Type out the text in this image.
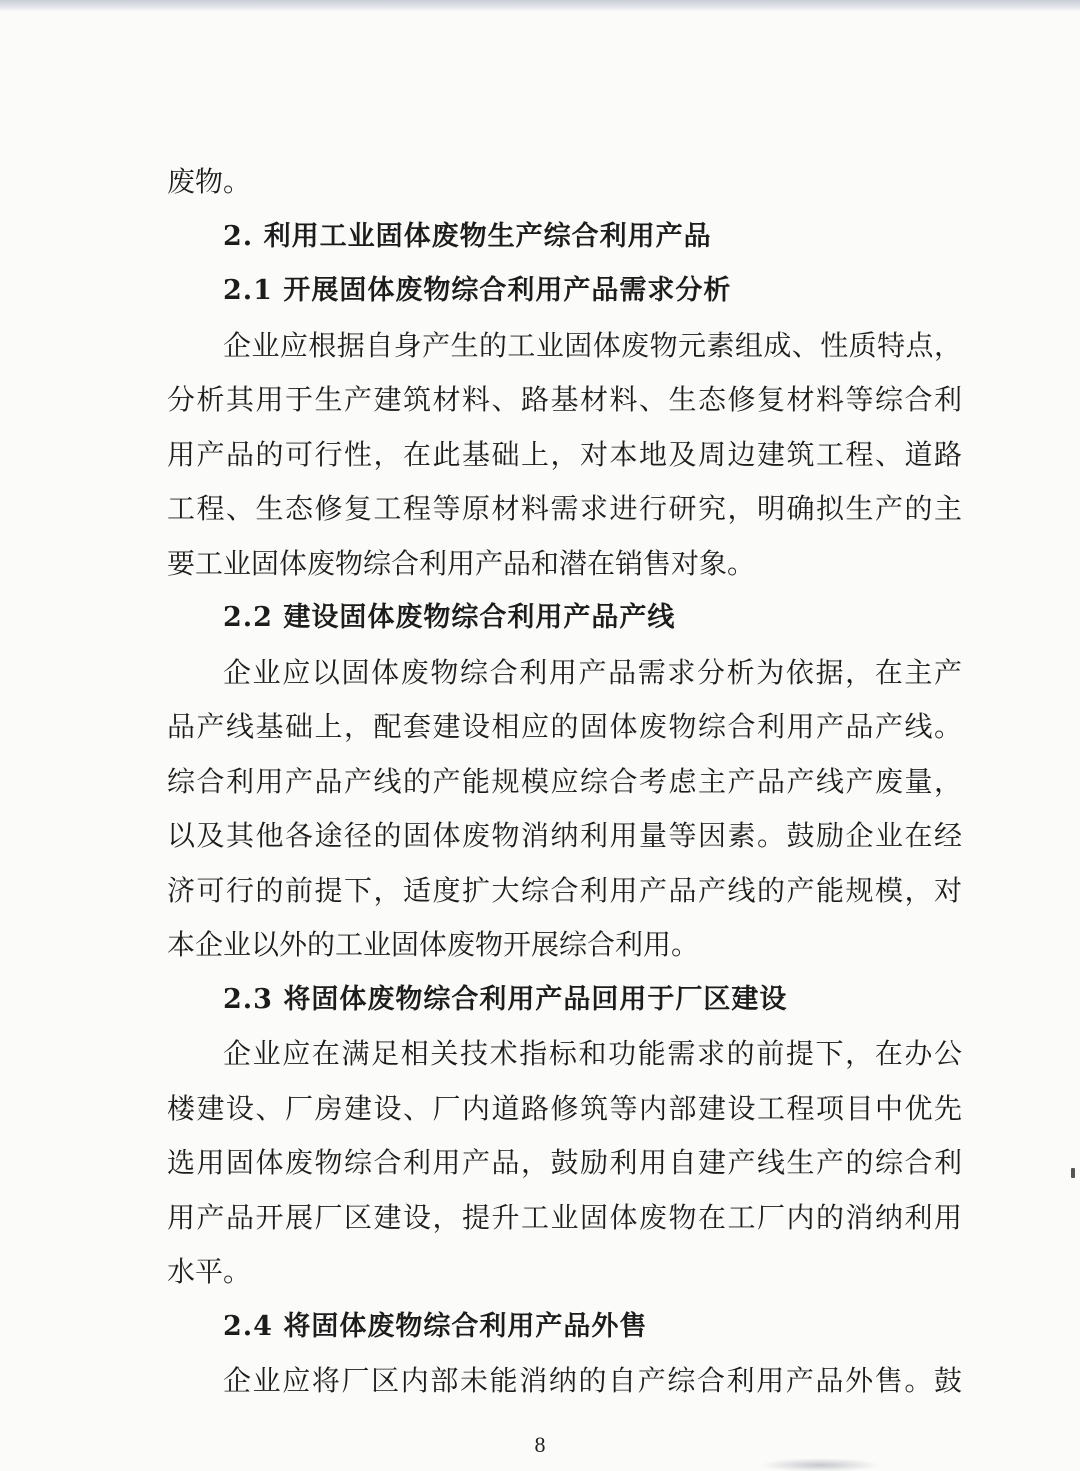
废物。
2. 利用工业固体废物生产综合利用产品
2.1 开展固体废物综合利用产品需求分析
企业应根据自身产生的工业固体废物元素组成、性质特点，
分析其用于生产建筑材料、路基材料、生态修复材料等综合利
用产品的可行性，在此基础上，对本地及周边建筑工程、道路
工程、生态修复工程等原材料需求进行研究，明确拟生产的主
要工业固体废物综合利用产品和潜在销售对象。
2.2 建设固体废物综合利用产品产线
企业应以固体废物综合利用产品需求分析为依据，在主产
品产线基础上，配套建设相应的固体废物综合利用产品产线。
综合利用产品产线的产能规模应综合考虑主产品产线产废量，
以及其他各途径的固体废物消纳利用量等因素。鼓励企业在经
济可行的前提下，适度扩大综合利用产品产线的产能规模，对
本企业以外的工业固体废物开展综合利用。
2.3 将固体废物综合利用产品回用于厂区建设
企业应在满足相关技术指标和功能需求的前提下，在办公
楼建设、厂房建设、厂内道路修筑等内部建设工程项目中优先
选用固体废物综合利用产品，鼓励利用自建产线生产的综合利
用产品开展厂区建设，提升工业固体废物在工厂内的消纳利用
水平。
2.4 将固体废物综合利用产品外售
企业应将厂区内部未能消纳的自产综合利用产品外售。鼓
8
